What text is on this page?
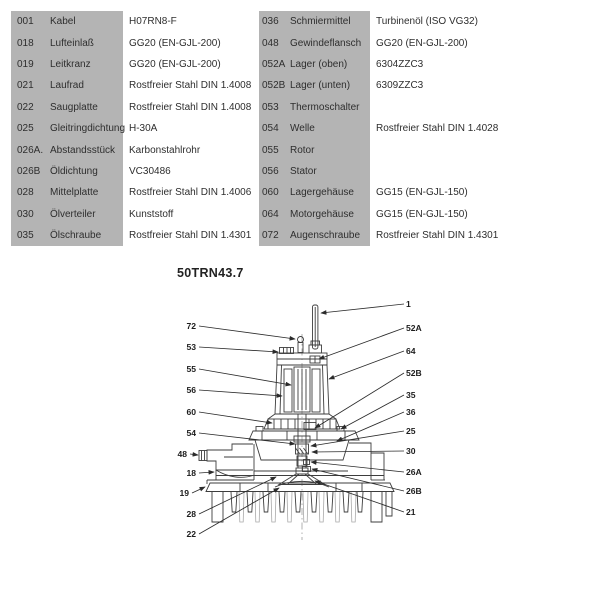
001	Kabel	H07RN8-F
018	Lufteinlaß	GG20 (EN-GJL-200)
019	Leitkranz	GG20 (EN-GJL-200)
021	Laufrad	Rostfreier Stahl DIN 1.4008
022	Saugplatte	Rostfreier Stahl DIN 1.4008
025	Gleitringdichtung H-30A
026A. Abstandsstück	Karbonstahlrohr
026B Öldichtung	VC30486
028	Mittelplatte	Rostfreier Stahl DIN 1.4006
030	Ölverteiler	Kunststoff
035	Ölschraube	Rostfreier Stahl DIN 1.4301
036	Schmiermittel	Turbinenöl (ISO VG32)
048	Gewindeflansch	GG20 (EN-GJL-200)
052A Lager (oben)	6304ZZC3
052B Lager (unten)	6309ZZC3
053	Thermoschalter
054	Welle	Rostfreier Stahl DIN 1.4028
055	Rotor
056	Stator
060	Lagergehäuse	GG15 (EN-GJL-150)
064	Motorgehäuse	GG15 (EN-GJL-150)
072	Augenschraube	Rostfreier Stahl DIN 1.4301
50TRN43.7
72
53
55
56
60
54
48
18
19
28
22
1
52A
64
52B
35
36
25
30
26A
26B
21
